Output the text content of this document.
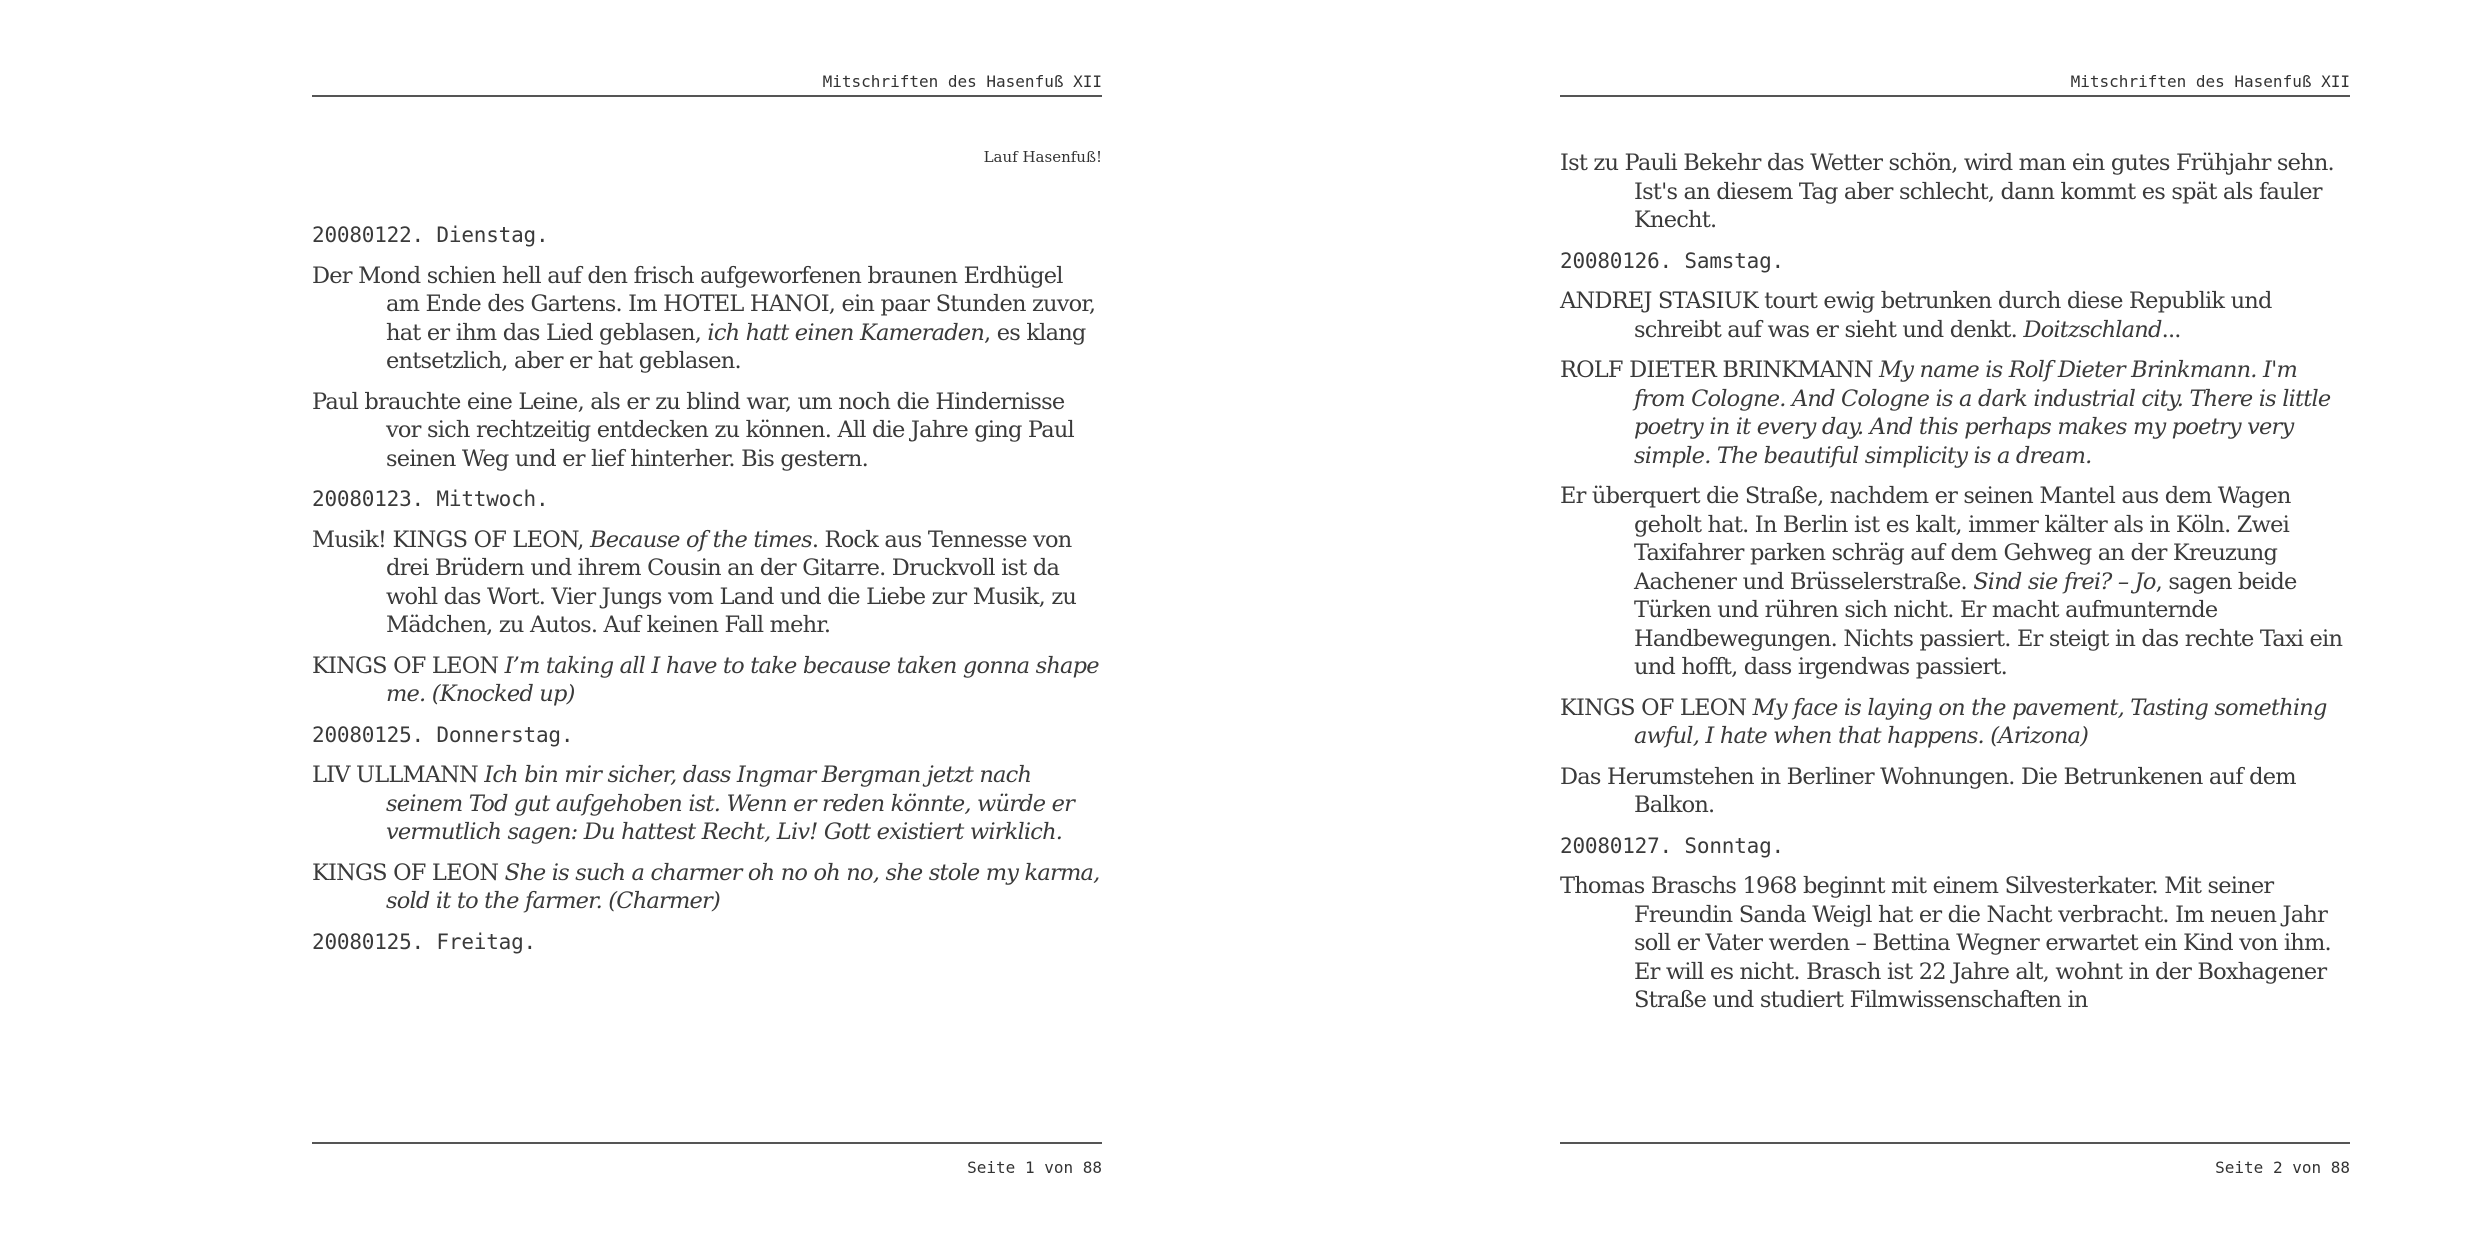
Mitschriften des Hasenfuß XII
Lauf Hasenfuß!

20080122. Dienstag.

Der Mond schien hell auf den frisch aufgeworfenen braunen Erdhügel am Ende des Gartens. Im HOTEL HANOI, ein paar Stunden zuvor, hat er ihm das Lied geblasen, ich hatt einen Kameraden, es klang entsetzlich, aber er hat geblasen.

Paul brauchte eine Leine, als er zu blind war, um noch die Hindernisse vor sich rechtzeitig entdecken zu können. All die Jahre ging Paul seinen Weg und er lief hinterher. Bis gestern.

20080123. Mittwoch.

Musik! KINGS OF LEON, Because of the times. Rock aus Tennesse von drei Brüdern und ihrem Cousin an der Gitarre. Druckvoll ist da wohl das Wort. Vier Jungs vom Land und die Liebe zur Musik, zu Mädchen, zu Autos. Auf keinen Fall mehr.

KINGS OF LEON I’m taking all I have to take because taken gonna shape me. (Knocked up)

20080125. Donnerstag.

LIV ULLMANN Ich bin mir sicher, dass Ingmar Bergman jetzt nach seinem Tod gut aufgehoben ist. Wenn er reden könnte, würde er vermutlich sagen: Du hattest Recht, Liv! Gott existiert wirklich.

KINGS OF LEON She is such a charmer oh no oh no, she stole my karma, sold it to the farmer. (Charmer)

20080125. Freitag.

Seite 1 von 88
Mitschriften des Hasenfuß XII

Ist zu Pauli Bekehr das Wetter schön, wird man ein gutes Frühjahr sehn. Ist's an diesem Tag aber schlecht, dann kommt es spät als fauler Knecht.

20080126. Samstag.

ANDREJ STASIUK tourt ewig betrunken durch diese Republik und schreibt auf was er sieht und denkt. Doitzschland...

ROLF DIETER BRINKMANN My name is Rolf Dieter Brinkmann. I'm from Cologne. And Cologne is a dark industrial city. There is little poetry in it every day. And this perhaps makes my poetry very simple. The beautiful simplicity is a dream.

Er überquert die Straße, nachdem er seinen Mantel aus dem Wagen geholt hat. In Berlin ist es kalt, immer kälter als in Köln. Zwei Taxifahrer parken schräg auf dem Gehweg an der Kreuzung Aachener und Brüsselerstraße. Sind sie frei? – Jo, sagen beide Türken und rühren sich nicht. Er macht aufmunternde Handbewegungen. Nichts passiert. Er steigt in das rechte Taxi ein und hofft, dass irgendwas passiert.

KINGS OF LEON My face is laying on the pavement, Tasting something awful, I hate when that happens. (Arizona)

Das Herumstehen in Berliner Wohnungen. Die Betrunkenen auf dem Balkon.

20080127. Sonntag.

Thomas Braschs 1968 beginnt mit einem Silvesterkater. Mit seiner Freundin Sanda Weigl hat er die Nacht verbracht. Im neuen Jahr soll er Vater werden – Bettina Wegner erwartet ein Kind von ihm. Er will es nicht. Brasch ist 22 Jahre alt, wohnt in der Boxhagener Straße und studiert Filmwissenschaften in

Seite 2 von 88
